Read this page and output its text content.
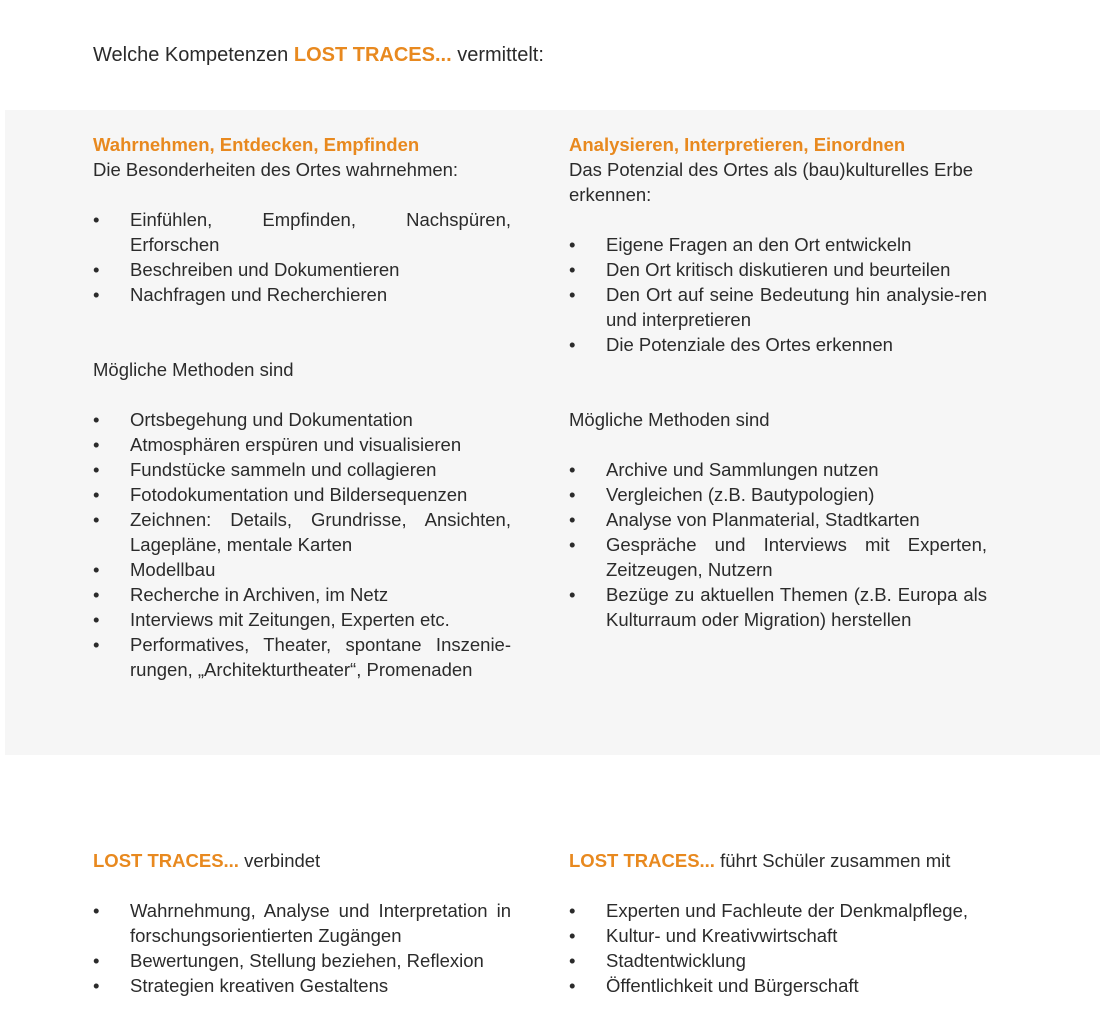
Welche Kompetenzen LOST TRACES... vermittelt:
Wahrnehmen, Entdecken, Empfinden

Die Besonderheiten des Ortes wahrnehmen:

• Einfühlen, Empfinden, Nachspüren, Erforschen
• Beschreiben und Dokumentieren
• Nachfragen und Recherchieren

Mögliche Methoden sind

• Ortsbegehung und Dokumentation
• Atmosphären erspüren und visualisieren
• Fundstücke sammeln und collagieren
• Fotodokumentation und Bildersequenzen
• Zeichnen: Details, Grundrisse, Ansichten, Lagepläne, mentale Karten
• Modellbau
• Recherche in Archiven, im Netz
• Interviews mit Zeitungen, Experten etc.
• Performatives, Theater, spontane Inszenie-rungen, „Architekturtheater“, Promenaden
Analysieren, Interpretieren, Einordnen

Das Potenzial des Ortes als (bau)kulturelles Erbe erkennen:

• Eigene Fragen an den Ort entwickeln
• Den Ort kritisch diskutieren und beurteilen
• Den Ort auf seine Bedeutung hin analysie-ren und interpretieren
• Die Potenziale des Ortes erkennen

Mögliche Methoden sind

• Archive und Sammlungen nutzen
• Vergleichen (z.B. Bautypologien)
• Analyse von Planmaterial, Stadtkarten
• Gespräche und Interviews mit Experten, Zeitzeugen, Nutzern
• Bezüge zu aktuellen Themen (z.B. Europa als Kulturraum oder Migration) herstellen
LOST TRACES... verbindet
• Wahrnehmung, Analyse und Interpretation in forschungsorientierten Zugängen
• Bewertungen, Stellung beziehen, Reflexion
• Strategien kreativen Gestaltens
LOST TRACES... führt Schüler zusammen mit
• Experten und Fachleute der Denkmalpflege,
• Kultur- und Kreativwirtschaft
• Stadtentwicklung
• Öffentlichkeit und Bürgerschaft
